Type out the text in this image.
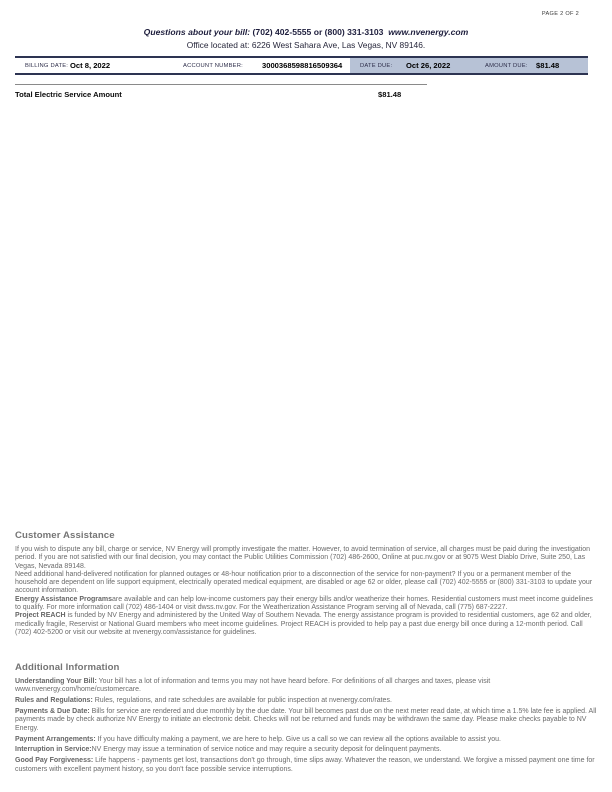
PAGE 2 OF 2
Questions about your bill: (702) 402-5555 or (800) 331-3103 www.nvenergy.com
Office located at: 6226 West Sahara Ave, Las Vegas, NV 89146.
BILLING DATE: Oct 8, 2022	ACCOUNT NUMBER:	3000368598816509364	DATE DUE: Oct 26, 2022	AMOUNT DUE: $81.48
Total Electric Service Amount	$81.48
Customer Assistance

If you wish to dispute any bill, charge or service, NV Energy will promptly investigate the matter. However, to avoid termination of service, all charges must be paid during the investigation period. If you are not satisfied with our final decision, you may contact the Public Utilities Commission (702) 486-2600, Online at puc.nv.gov or at 9075 West Diablo Drive, Suite 250, Las Vegas, Nevada 89148.

Need additional hand-delivered notification for planned outages or 48-hour notification prior to a disconnection of the service for non-payment? If you or a permanent member of the household are dependent on life support equipment, electrically operated medical equipment, are disabled or age 62 or older, please call (702) 402-5555 or (800) 331-3103 to update your account information.

Energy Assistance Programsare available and can help low-income customers pay their energy bills and/or weatherize their homes. Residential customers must meet income guidelines to qualify. For more information call (702) 486-1404 or visit dwss.nv.gov. For the Weatherization Assistance Program serving all of Nevada, call (775) 687-2227.

Project REACH is funded by NV Energy and administered by the United Way of Southern Nevada. The energy assistance program is provided to residential customers, age 62 and older, medically fragile, Reservist or National Guard members who meet income guidelines. Project REACH is provided to help pay a past due energy bill once during a 12-month period. Call (702) 402-5200 or visit our website at nvenergy.com/assistance for guidelines.

Additional Information

Understanding Your Bill: Your bill has a lot of information and terms you may not have heard before. For definitions of all charges and taxes, please visit www.nvenergy.com/home/customercare.

Rules and Regulations: Rules, regulations, and rate schedules are available for public inspection at nvenergy.com/rates.

Payments & Due Date: Bills for service are rendered and due monthly by the due date. Your bill becomes past due on the next meter read date, at which time a 1.5% late fee is applied. All payments made by check authorize NV Energy to initiate an electronic debit. Checks will not be returned and funds may be withdrawn the same day. Please make checks payable to NV Energy.

Payment Arrangements: If you have difficulty making a payment, we are here to help. Give us a call so we can review all the options available to assist you.

Interruption in Service:NV Energy may issue a termination of service notice and may require a security deposit for delinquent payments.

Good Pay Forgiveness: Life happens - payments get lost, transactions don't go through, time slips away. Whatever the reason, we understand. We forgive a missed payment one time for customers with excellent payment history, so you don't face possible service interruptions.
